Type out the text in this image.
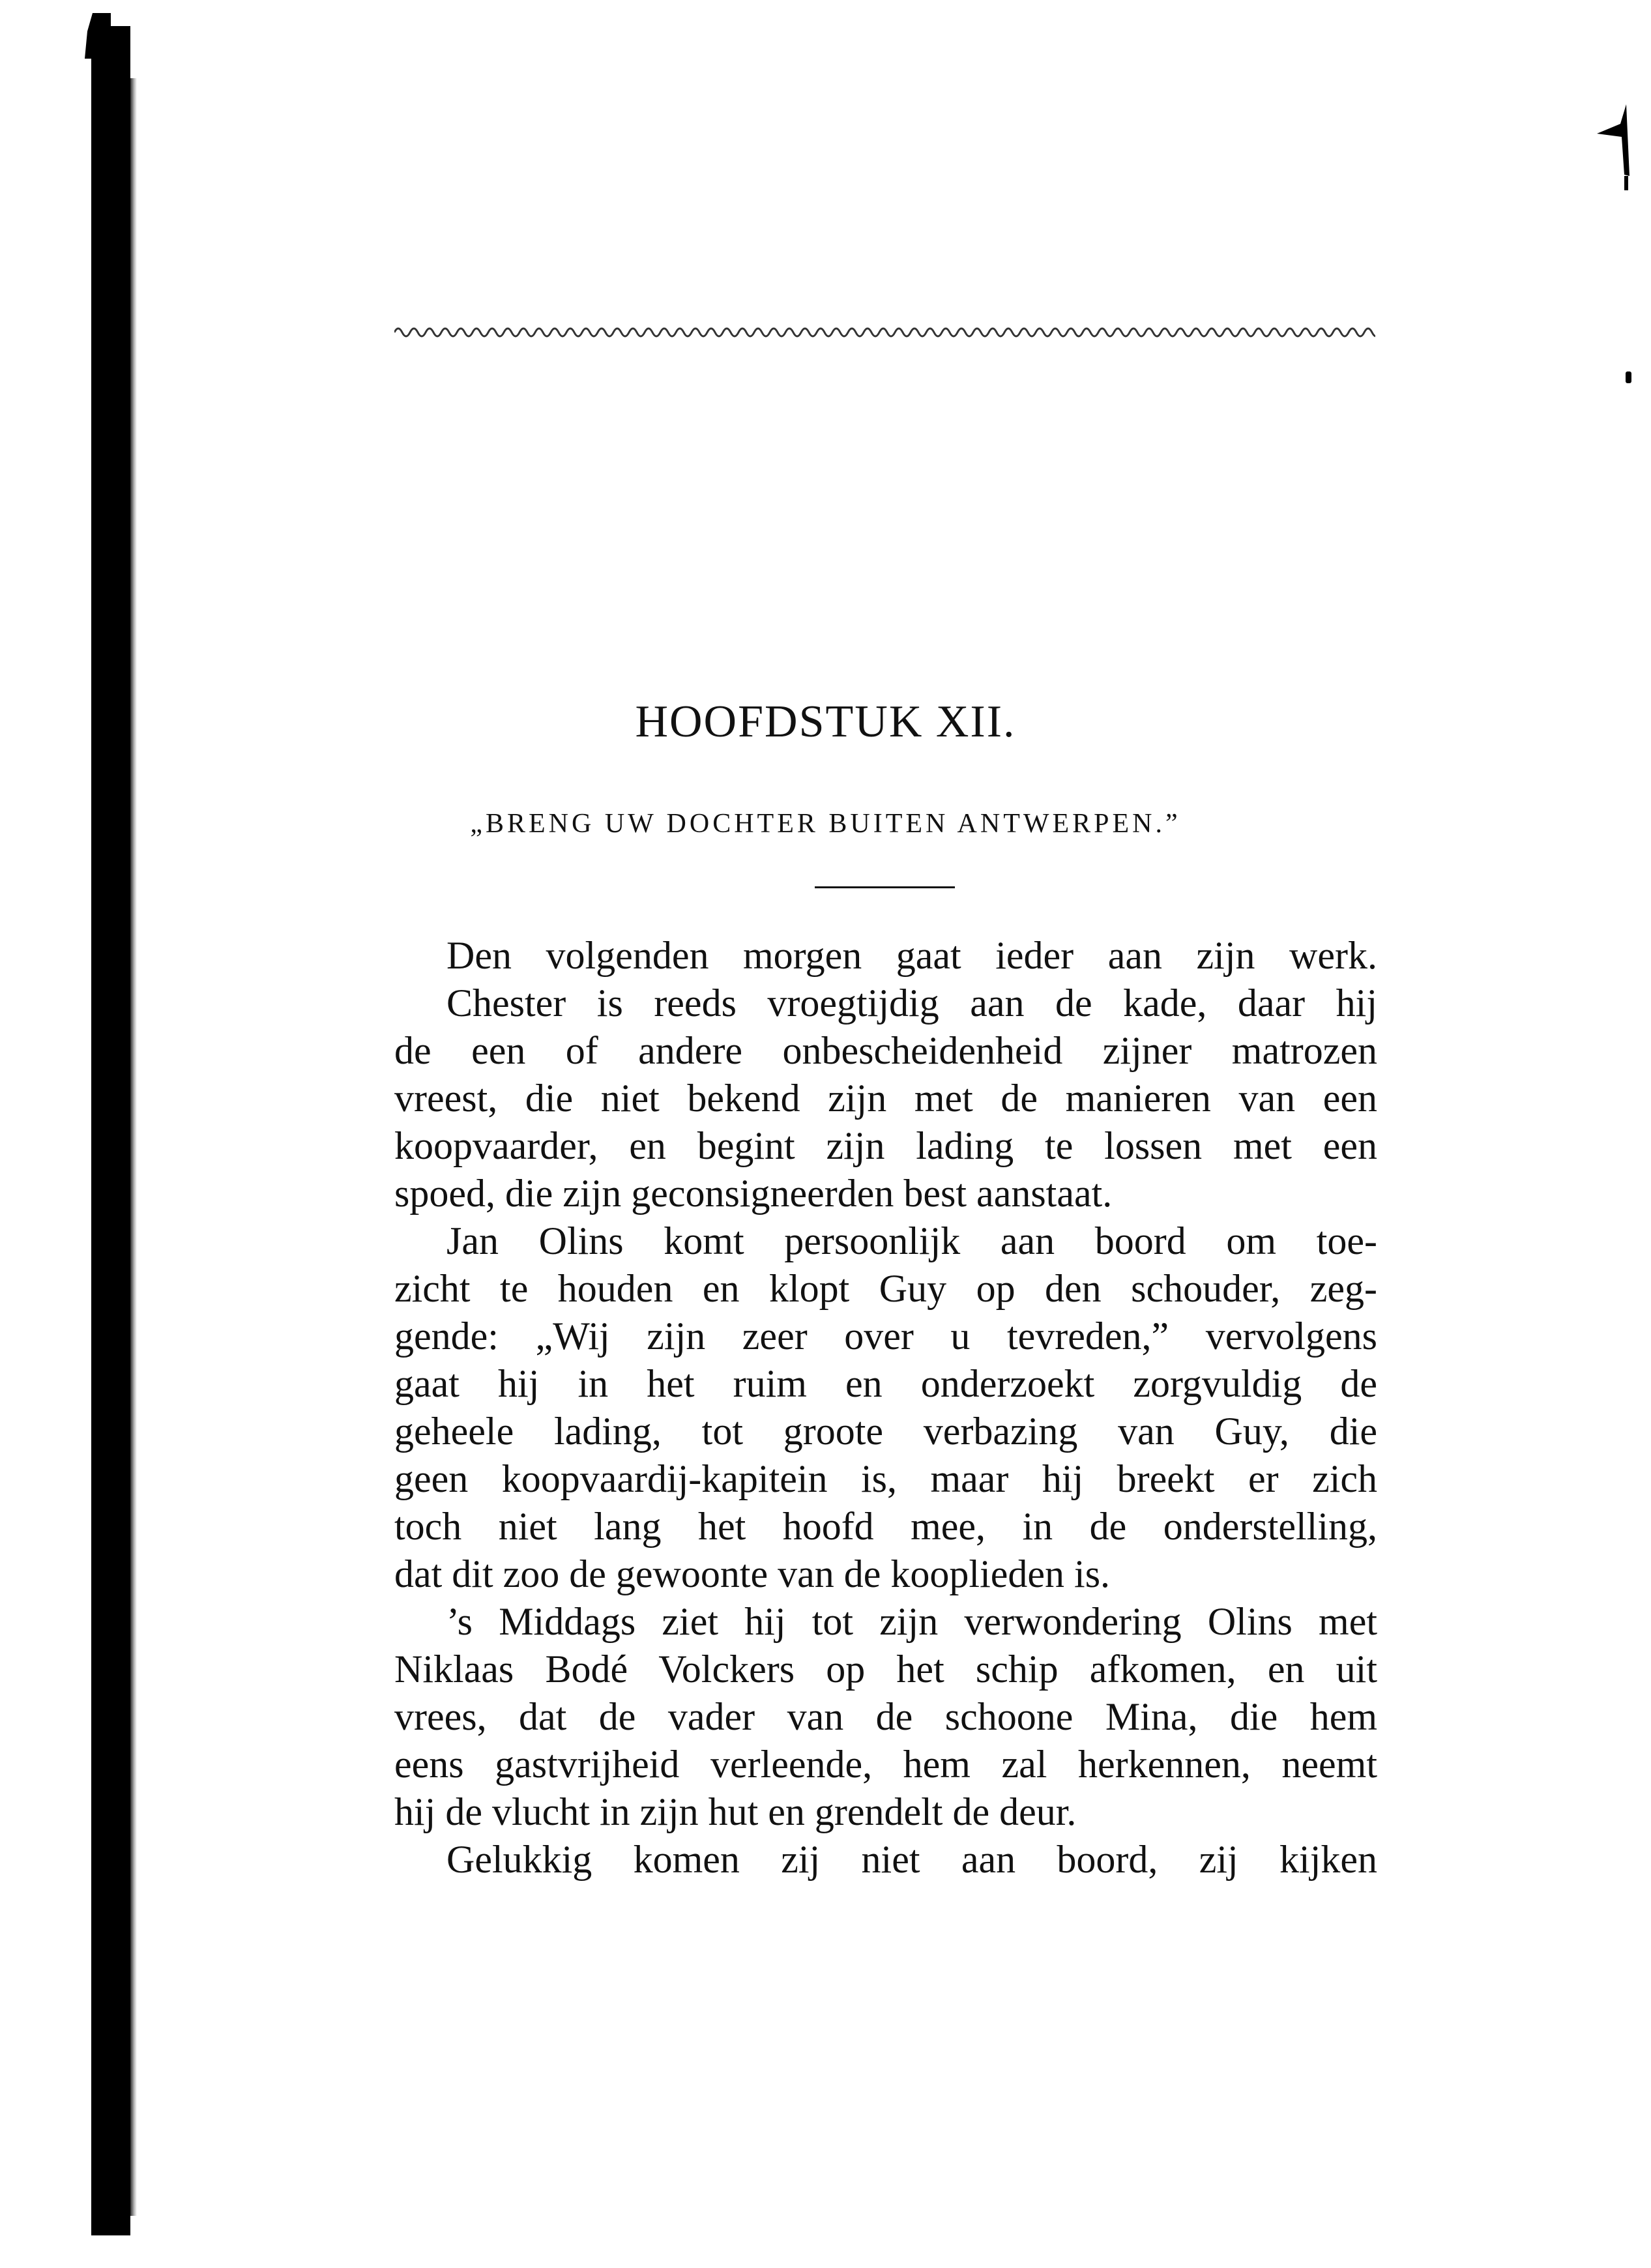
HOOFDSTUK XII.
„BRENG UW DOCHTER BUITEN ANTWERPEN.”
Den volgenden morgen gaat ieder aan zijn werk.
Chester is reeds vroegtijdig aan de kade, daar hij
de een of andere onbescheidenheid zijner matrozen
vreest, die niet bekend zijn met de manieren van een
koopvaarder, en begint zijn lading te lossen met een
spoed, die zijn geconsigneerden best aanstaat.
Jan Olins komt persoonlijk aan boord om toe-
zicht te houden en klopt Guy op den schouder, zeg-
gende: „Wij zijn zeer over u tevreden,” vervolgens
gaat hij in het ruim en onderzoekt zorgvuldig de
geheele lading, tot groote verbazing van Guy, die
geen koopvaardij-kapitein is, maar hij breekt er zich
toch niet lang het hoofd mee, in de onderstelling,
dat dit zoo de gewoonte van de kooplieden is.
’s Middags ziet hij tot zijn verwondering Olins met
Niklaas Bodé Volckers op het schip afkomen, en uit
vrees, dat de vader van de schoone Mina, die hem
eens gastvrijheid verleende, hem zal herkennen, neemt
hij de vlucht in zijn hut en grendelt de deur.
Gelukkig komen zij niet aan boord, zij kijken
